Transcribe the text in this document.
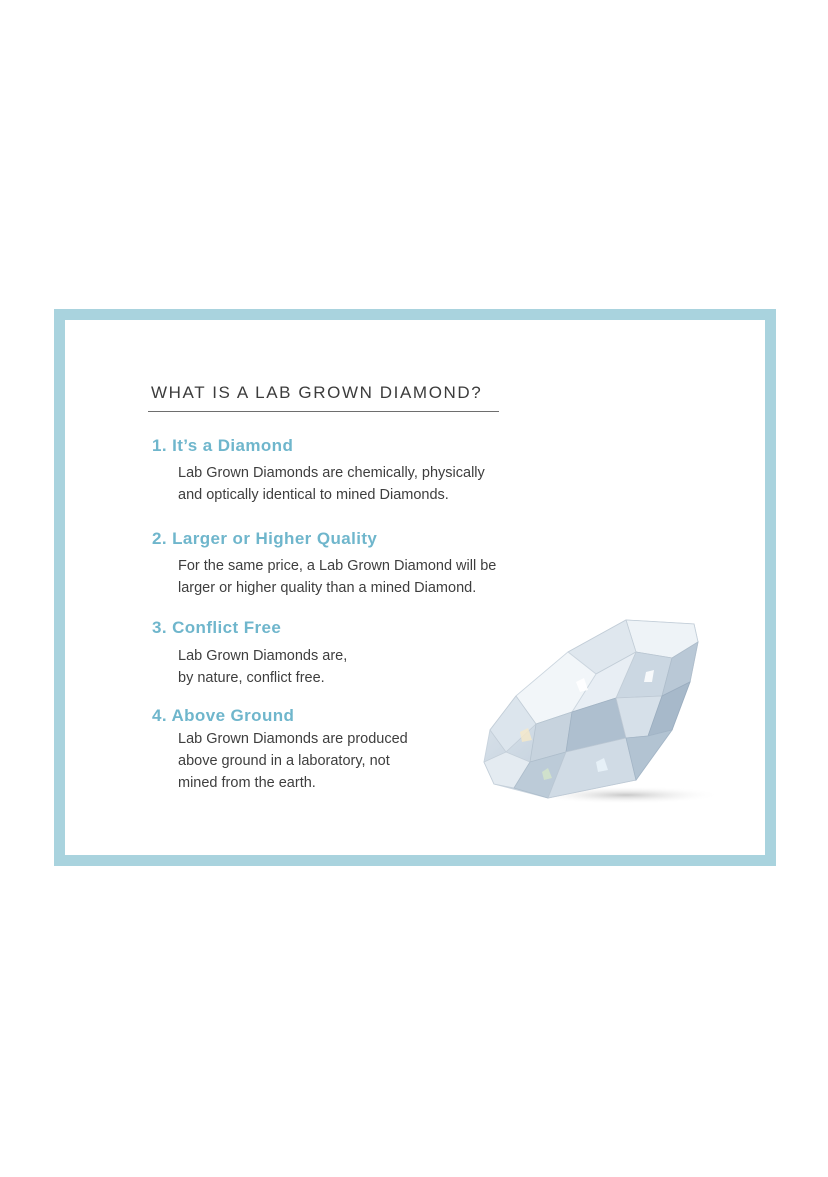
WHAT IS A LAB GROWN DIAMOND?
1. It’s a Diamond
Lab Grown Diamonds are chemically, physically
and optically identical to mined Diamonds.
2. Larger or Higher Quality
For the same price, a Lab Grown Diamond will be
larger or higher quality than a mined Diamond.
3. Conflict Free
Lab Grown Diamonds are,
by nature, conflict free.
4. Above Ground
Lab Grown Diamonds are produced
above ground in a laboratory, not
mined from the earth.
